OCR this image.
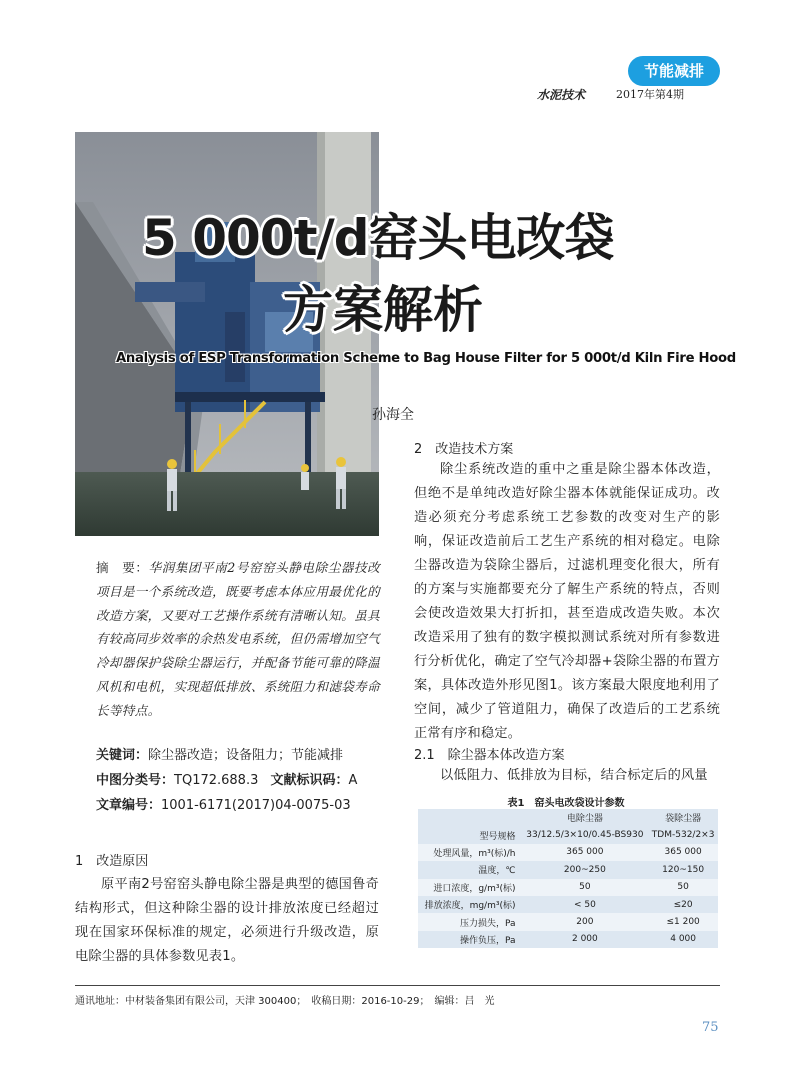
节能减排
水泥技术	2017年第4期
5 000t/d窑头电改袋
方案解析
Analysis of ESP Transformation Scheme to Bag House Filter for 5 000t/d Kiln Fire Hood
孙海全
摘　要：华润集团平南2号窑窑头静电除尘器技改项目是一个系统改造，既要考虑本体应用最优化的改造方案，又要对工艺操作系统有清晰认知。虽具有较高同步效率的余热发电系统，但仍需增加空气冷却器保护袋除尘器运行，并配备节能可靠的降温风机和电机，实现超低排放、系统阻力和滤袋寿命长等特点。
关键词：除尘器改造；设备阻力；节能减排
中图分类号：TQ172.688.3 文献标识码：A
文章编号：1001-6171(2017)04-0075-03
1　改造原因
原平南2号窑窑头静电除尘器是典型的德国鲁奇结构形式，但这种除尘器的设计排放浓度已经超过现在国家环保标准的规定，必须进行升级改造，原电除尘器的具体参数见表1。
2　改造技术方案
除尘系统改造的重中之重是除尘器本体改造，但绝不是单纯改造好除尘器本体就能保证成功。改造必须充分考虑系统工艺参数的改变对生产的影响，保证改造前后工艺生产系统的相对稳定。电除尘器改造为袋除尘器后，过滤机理变化很大，所有的方案与实施都要充分了解生产系统的特点，否则会使改造效果大打折扣，甚至造成改造失败。本次改造采用了独有的数字模拟测试系统对所有参数进行分析优化，确定了空气冷却器+袋除尘器的布置方案，具体改造外形见图1。该方案最大限度地利用了空间，减少了管道阻力，确保了改造后的工艺系统正常有序和稳定。
2.1　除尘器本体改造方案
以低阻力、低排放为目标，结合标定后的风量
表1　窑头电改袋设计参数
	电除尘器	袋除尘器
型号规格	33/12.5/3×10/0.45-BS930	TDM-532/2×3
处理风量，m³(标)/h	365 000	365 000
温度，℃	200~250	120~150
进口浓度，g/m³(标)	50	50
排放浓度，mg/m³(标)	< 50	≤20
压力损失，Pa	200	≤1 200
操作负压，Pa	2 000	4 000
通讯地址：中材装备集团有限公司，天津 300400；　收稿日期：2016-10-29；　编辑：吕　光
75
